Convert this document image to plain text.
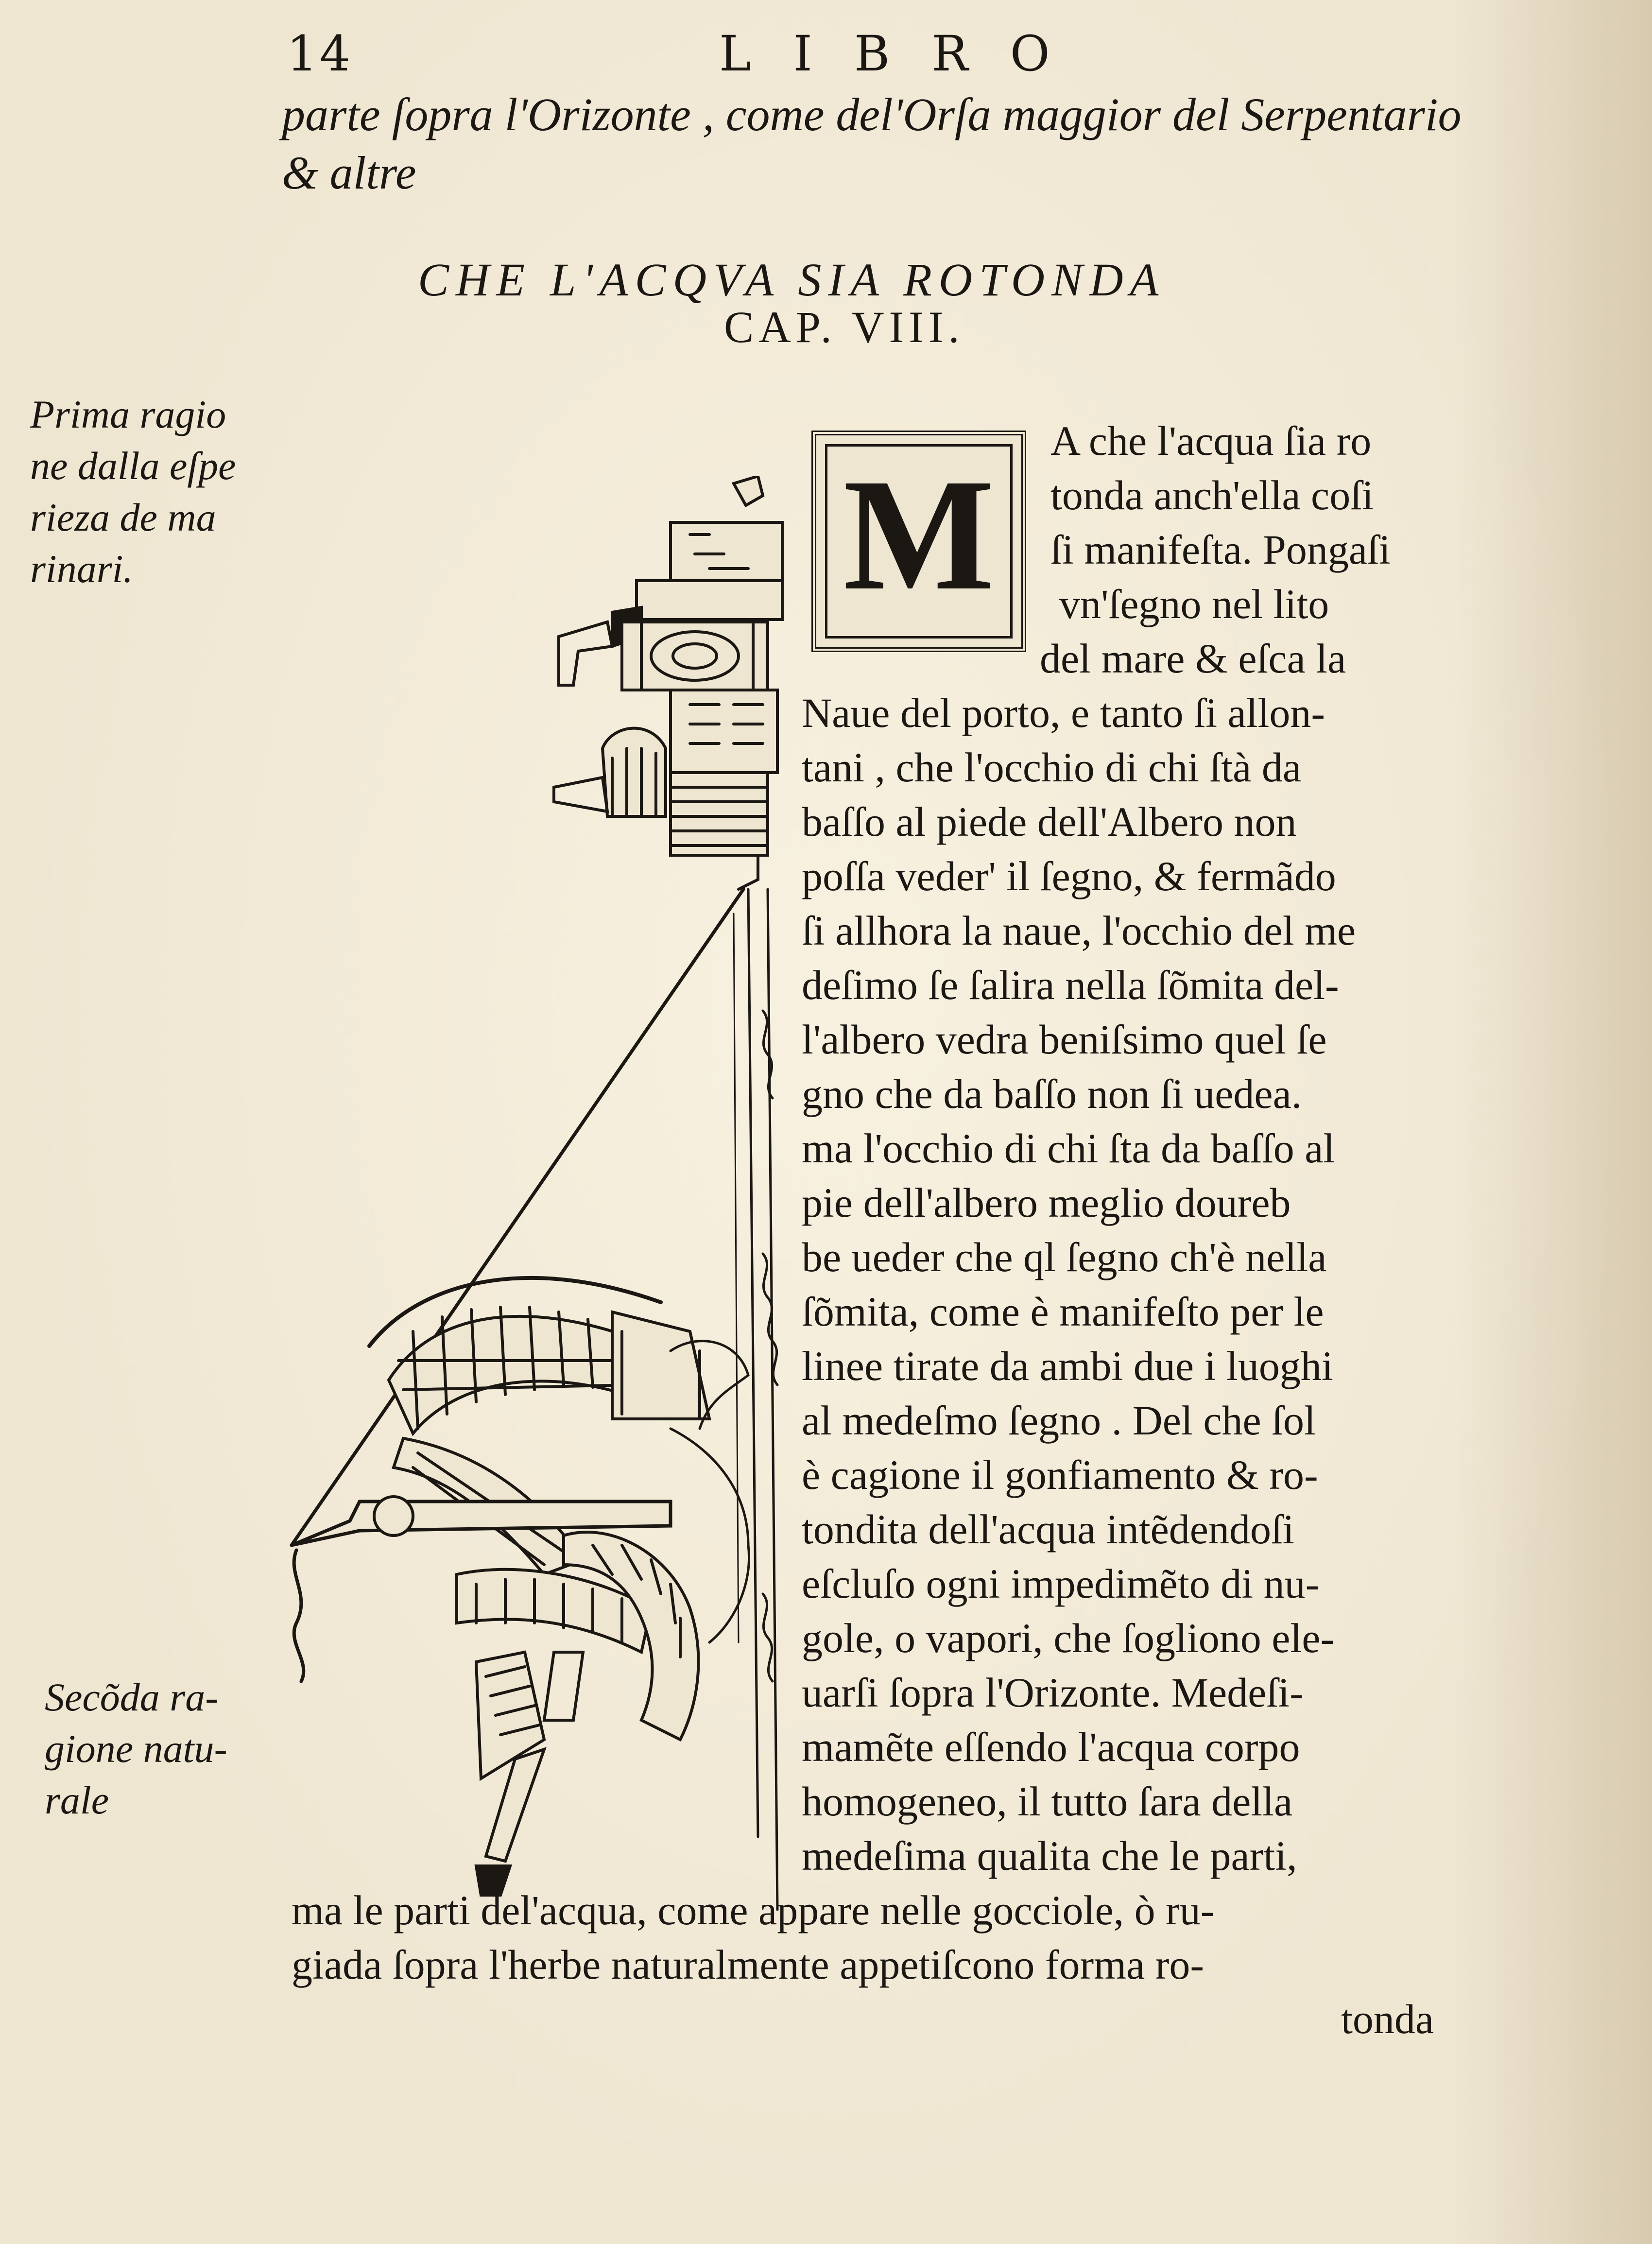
14	LIBRO
parte ſopra l'Orizonte , come del'Orſa maggior del Serpentario
& altre
CHE L'ACQVA SIA ROTONDA
CAP. VIII.
Prima ragio
ne dalla eſpe
rieza de ma
rinari.
Secõda ra-
gione natu-
rale
M
A che l'acqua ſia ro
tonda anch'ella coſi
ſi manifeſta. Pongaſi
vn'ſegno nel lito
del mare & eſca la
Naue del porto, e tanto ſi allon-
tani , che l'occhio di chi ſtà da
baſſo al piede dell'Albero non
poſſa veder' il ſegno, & fermãdo
ſi allhora la naue, l'occhio del me
deſimo ſe ſalira nella ſõmita del-
l'albero vedra beniſsimo quel ſe
gno che da baſſo non ſi uedea.
ma l'occhio di chi ſta da baſſo al
pie dell'albero meglio doureb
be ueder che ql ſegno ch'è nella
ſõmita, come è manifeſto per le
linee tirate da ambi due i luoghi
al medeſmo ſegno . Del che ſol
è cagione il gonfiamento & ro-
tondita dell'acqua intẽdendoſi
eſcluſo ogni impedimẽto di nu-
gole, o vapori, che ſogliono ele-
uarſi ſopra l'Orizonte. Medeſi-
mamẽte eſſendo l'acqua corpo
homogeneo, il tutto ſara della
medeſima qualita che le parti,
ma le parti del'acqua, come appare nelle gocciole, ò ru-
giada ſopra l'herbe naturalmente appetiſcono forma ro-
tonda
